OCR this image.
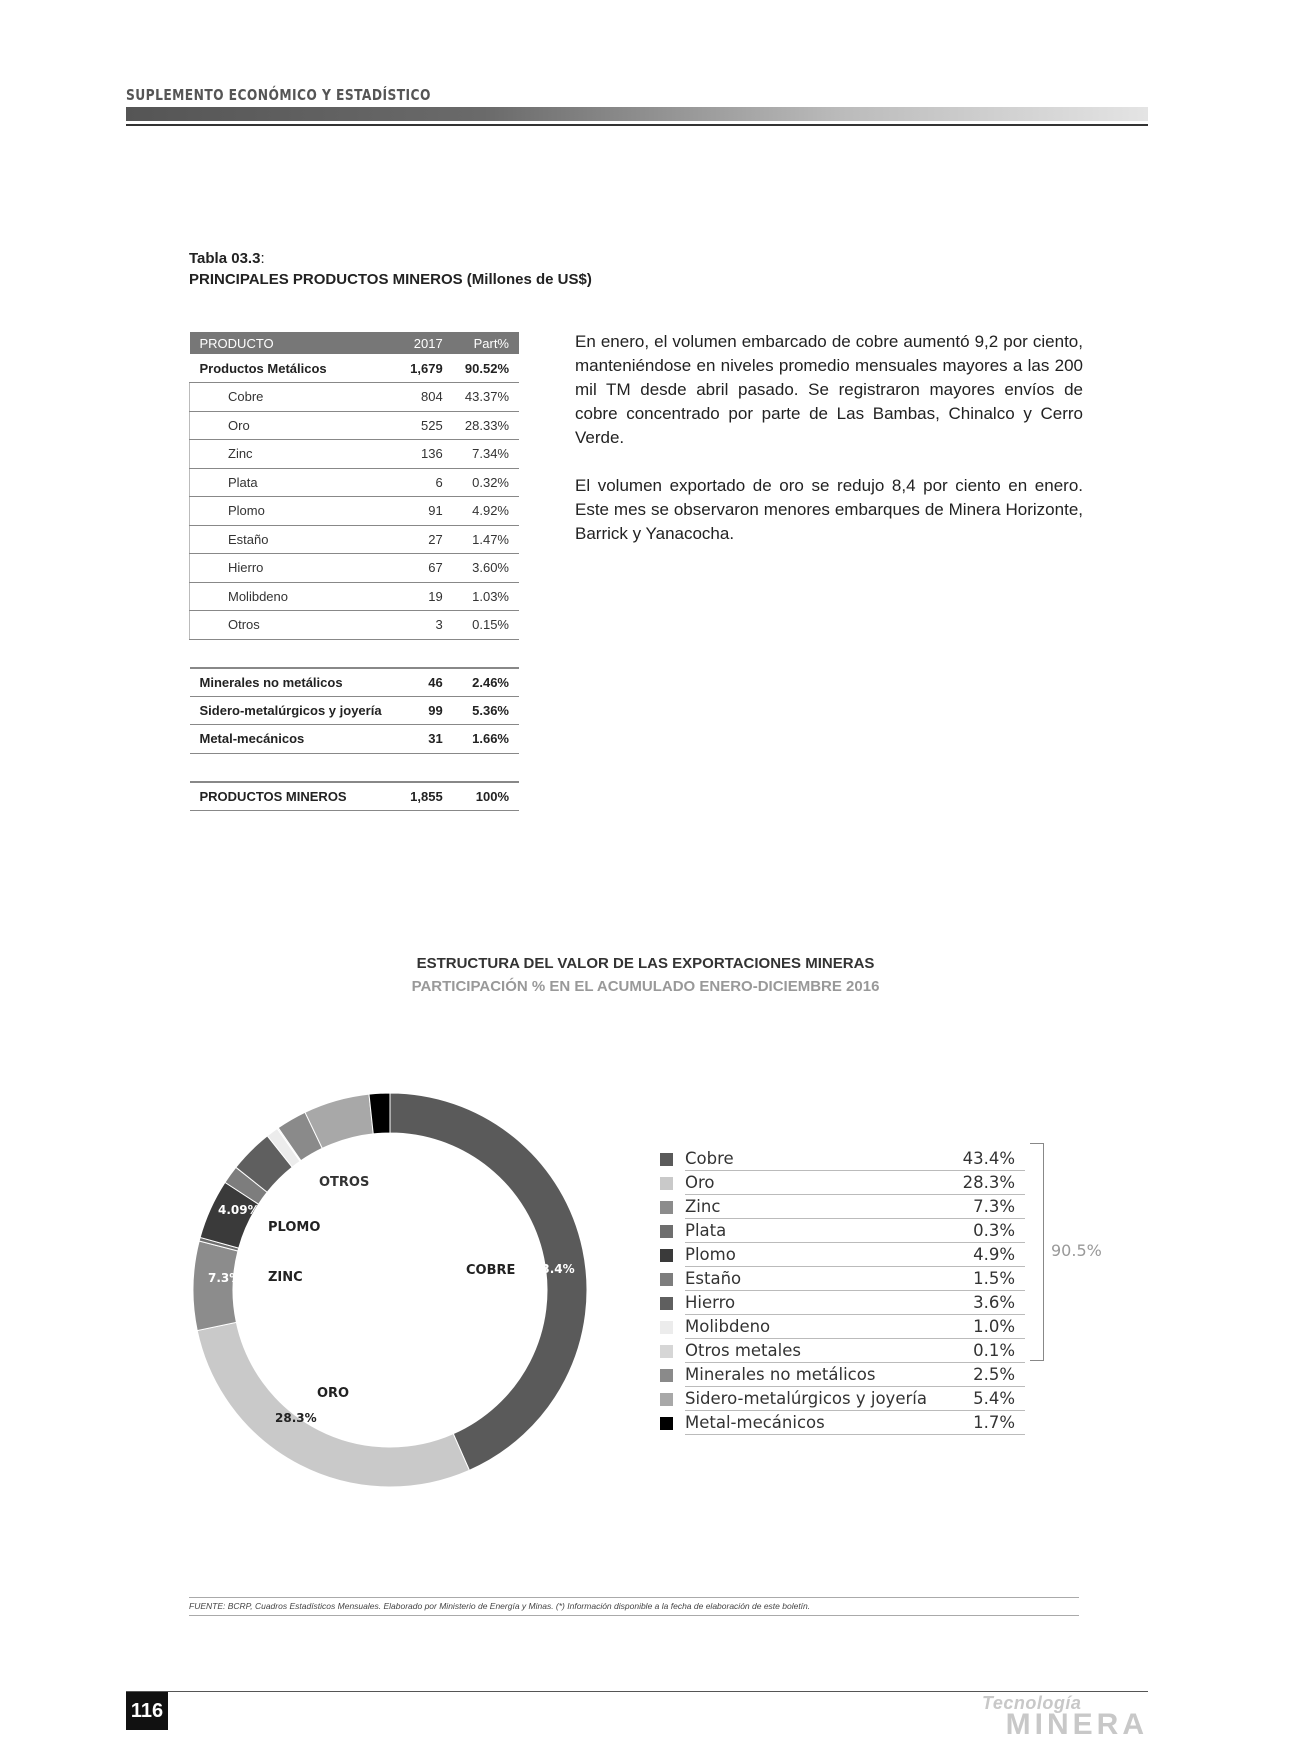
SUPLEMENTO ECONÓMICO Y ESTADÍSTICO
Tabla 03.3:
PRINCIPALES PRODUCTOS MINEROS (Millones de US$)
PRODUCTO	2017	Part%
Productos Metálicos	1,679	90.52%
Cobre	804	43.37%
Oro	525	28.33%
Zinc	136	7.34%
Plata	6	0.32%
Plomo	91	4.92%
Estaño	27	1.47%
Hierro	67	3.60%
Molibdeno	19	1.03%
Otros	3	0.15%

Minerales no metálicos	46	2.46%
Sidero-metalúrgicos y joyería	99	5.36%
Metal-mecánicos	31	1.66%

PRODUCTOS MINEROS	1,855	100%

En enero, el volumen embarcado de cobre aumentó 9,2 por ciento, manteniéndose en niveles promedio mensuales mayores a las 200 mil TM desde abril pasado. Se registraron mayores envíos de cobre concentrado por parte de Las Bambas, Chinalco y Cerro Verde.

El volumen exportado de oro se redujo 8,4 por ciento en enero. Este mes se observaron menores embarques de Minera Horizonte, Barrick y Yanacocha.

ESTRUCTURA DEL VALOR DE LAS EXPORTACIONES MINERAS
PARTICIPACIÓN % EN EL ACUMULADO ENERO-DICIEMBRE 2016
OTROS
4.09%
PLOMO
7.3% ZINC	COBRE 43.4%
ORO
28.3%
Cobre	43.4%
Oro	28.3%
Zinc	7.3%
Plata	0.3%
Plomo	4.9%
Estaño	1.5%
Hierro	3.6%
Molibdeno	1.0%
Otros metales	0.1%
Minerales no metálicos	2.5%
Sidero-metalúrgicos y joyería	5.4%
Metal-mecánicos	1.7%
90.5%
FUENTE: BCRP, Cuadros Estadísticos Mensuales. Elaborado por Ministerio de Energía y Minas. (*) Información disponible a la fecha de elaboración de este boletín.
116	Tecnología
MINERA
